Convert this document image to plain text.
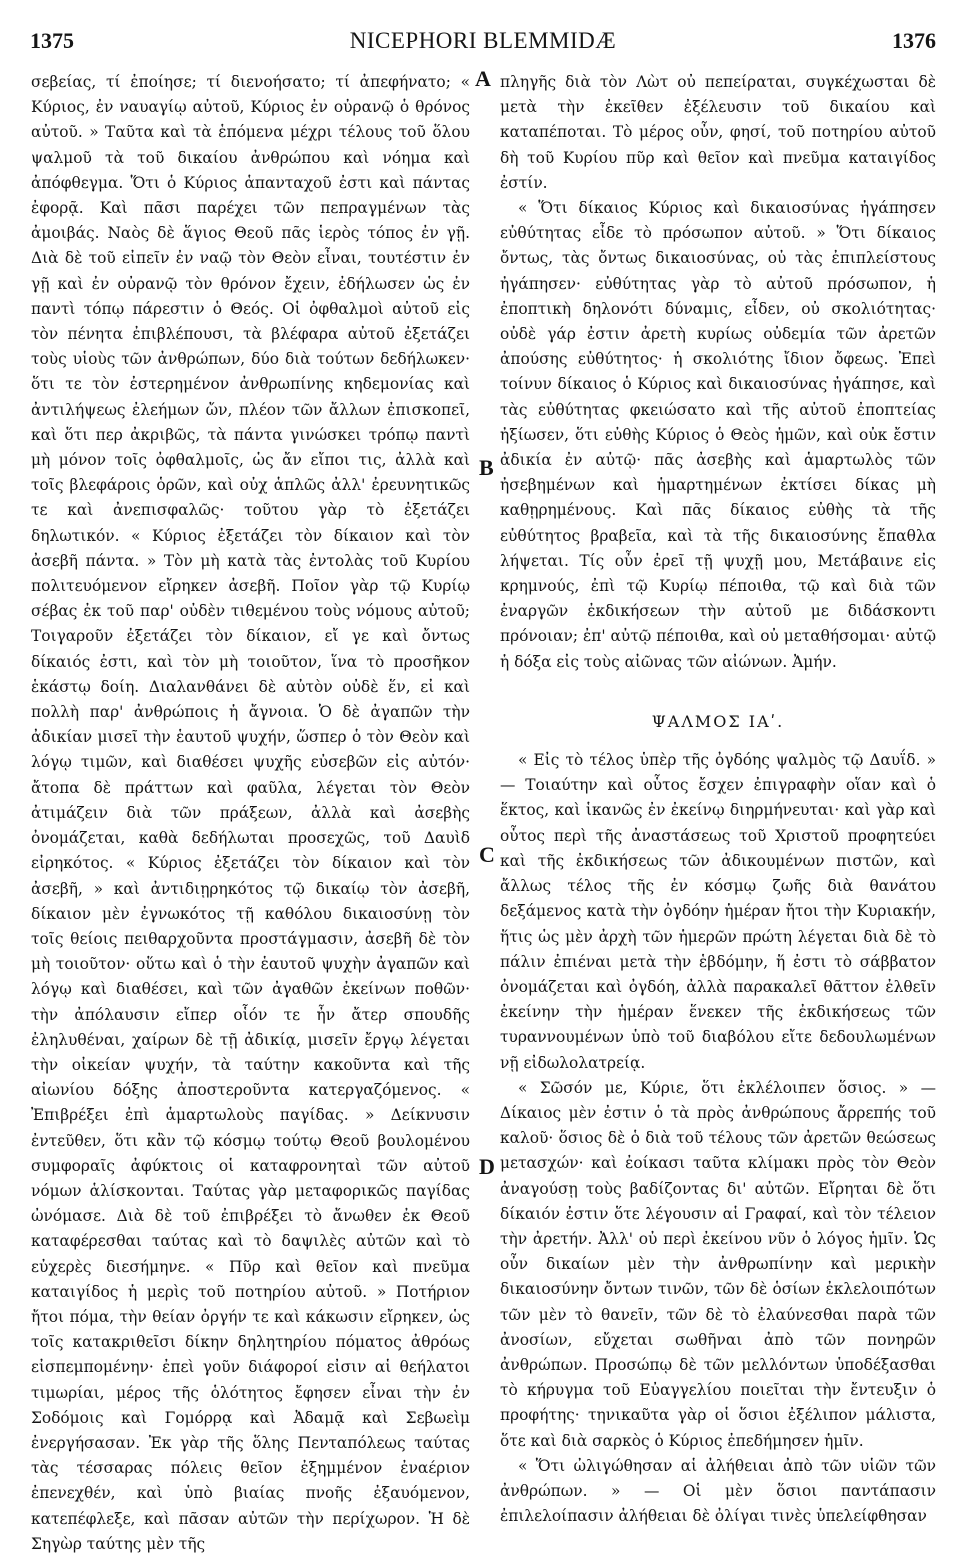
1375	NICEPHORI BLEMMIDÆ	1376
A
B
C
D

σεβείας, τί ἐποίησε; τί διενοήσατο; τί ἀπεφήνατο; « Κύριος, ἐν ναυαγίῳ αὐτοῦ, Κύριος ἐν οὐρανῷ ὁ θρόνος αὐτοῦ. » Ταῦτα καὶ τὰ ἑπόμενα μέχρι τέλους τοῦ ὅλου ψαλμοῦ τὰ τοῦ δικαίου ἀνθρώπου καὶ νόημα καὶ ἀπόφθεγμα. Ὅτι ὁ Κύριος ἁπανταχοῦ ἐστι καὶ πάντας ἐφορᾷ. Καὶ πᾶσι παρέχει τῶν πεπραγμένων τὰς ἀμοιβάς. Ναὸς δὲ ἅγιος Θεοῦ πᾶς ἱερὸς τόπος ἐν γῇ. Διὰ δὲ τοῦ εἰπεῖν ἐν ναῷ τὸν Θεὸν εἶναι, τουτέστιν ἐν γῇ καὶ ἐν οὐρανῷ τὸν θρόνον ἔχειν, ἐδήλωσεν ὡς ἐν παντὶ τόπῳ πάρεστιν ὁ Θεός. Οἱ ὀφθαλμοὶ αὐτοῦ εἰς τὸν πένητα ἐπιβλέπουσι, τὰ βλέφαρα αὐτοῦ ἐξετάζει τοὺς υἱοὺς τῶν ἀνθρώπων, δύο διὰ τούτων δεδήλωκεν· ὅτι τε τὸν ἐστερημένον ἀνθρωπίνης κηδεμονίας καὶ ἀντιλήψεως ἐλεήμων ὤν, πλέον τῶν ἄλλων ἐπισκοπεῖ, καὶ ὅτι περ ἀκριβῶς, τὰ πάντα γινώσκει τρόπῳ παντὶ μὴ μόνον τοῖς ὀφθαλμοῖς, ὡς ἄν εἴποι τις, ἀλλὰ καὶ τοῖς βλεφάροις ὁρῶν, καὶ οὐχ ἁπλῶς ἀλλ' ἐρευνητικῶς τε καὶ ἀνεπισφαλῶς· τοῦτου γὰρ τὸ ἐξετάζει δηλωτικόν. « Κύριος ἐξετάζει τὸν δίκαιον καὶ τὸν ἀσεβῆ πάντα. » Τὸν μὴ κατὰ τὰς ἐντολὰς τοῦ Κυρίου πολιτευόμενον εἴρηκεν ἀσεβῆ. Ποῖον γὰρ τῷ Κυρίῳ σέβας ἐκ τοῦ παρ' οὐδὲν τιθεμένου τοὺς νόμους αὐτοῦ; Τοιγαροῦν ἐξετάζει τὸν δίκαιον, εἴ γε καὶ ὄντως δίκαιός ἐστι, καὶ τὸν μὴ τοιοῦτον, ἵνα τὸ προσῆκον ἑκάστῳ δοίη. Διαλανθάνει δὲ αὐτὸν οὐδὲ ἕν, εἰ καὶ πολλὴ παρ' ἀνθρώποις ἡ ἄγνοια. Ὁ δὲ ἀγαπῶν τὴν ἀδικίαν μισεῖ τὴν ἑαυτοῦ ψυχήν, ὥσπερ ὁ τὸν Θεὸν καὶ λόγῳ τιμῶν, καὶ διαθέσει ψυχῆς εὐσεβῶν εἰς αὐτόν· ἄτοπα δὲ πράττων καὶ φαῦλα, λέγεται τὸν Θεὸν ἀτιμάζειν διὰ τῶν πράξεων, ἀλλὰ καὶ ἀσεβὴς ὀνομάζεται, καθὰ δεδήλωται προσεχῶς, τοῦ Δαυὶδ εἰρηκότος. « Κύριος ἐξετάζει τὸν δίκαιον καὶ τὸν ἀσεβῆ, » καὶ ἀντιδιῃρηκότος τῷ δικαίῳ τὸν ἀσεβῆ, δίκαιον μὲν ἐγνωκότος τῇ καθόλου δικαιοσύνῃ τὸν τοῖς θείοις πειθαρχοῦντα προστάγμασιν, ἀσεβῆ δὲ τὸν μὴ τοιοῦτον· οὕτω καὶ ὁ τὴν ἑαυτοῦ ψυχὴν ἀγαπῶν καὶ λόγῳ καὶ διαθέσει, καὶ τῶν ἀγαθῶν ἐκείνων ποθῶν· τὴν ἀπόλαυσιν εἴπερ οἷόν τε ἦν ἄτερ σπουδῆς ἐληλυθέναι, χαίρων δὲ τῇ ἀδικίᾳ, μισεῖν ἔργῳ λέγεται τὴν οἰκείαν ψυχήν, τὰ ταύτην κακοῦντα καὶ τῆς αἰωνίου δόξης ἀποστεροῦντα κατεργαζόμενος. « Ἐπιβρέξει ἐπὶ ἁμαρτωλοὺς παγίδας. » Δείκνυσιν ἐντεῦθεν, ὅτι κἂν τῷ κόσμῳ τούτῳ Θεοῦ βουλομένου συμφοραῖς ἀφύκτοις οἱ καταφρονηταὶ τῶν αὐτοῦ νόμων ἁλίσκονται. Ταύτας γὰρ μεταφορικῶς παγίδας ὠνόμασε. Διὰ δὲ τοῦ ἐπιβρέξει τὸ ἄνωθεν ἐκ Θεοῦ καταφέρεσθαι ταύτας καὶ τὸ δαψιλὲς αὐτῶν καὶ τὸ εὐχερὲς διεσήμηνε. « Πῦρ καὶ θεῖον καὶ πνεῦμα καταιγίδος ἡ μερὶς τοῦ ποτηρίου αὐτοῦ. » Ποτήριον ἤτοι πόμα, τὴν θείαν ὀργήν τε καὶ κάκωσιν εἴρηκεν, ὡς τοῖς κατακριθεῖσι δίκην δηλητηρίου πόματος ἀθρόως εἰσπεμπομένην· ἐπεὶ γοῦν διάφοροί εἰσιν αἱ θεήλατοι τιμωρίαι, μέρος τῆς ὁλότητος ἔφησεν εἶναι τὴν ἐν Σοδόμοις καὶ Γομόρρᾳ καὶ Ἀδαμᾷ καὶ Σεβωεὶμ ἐνεργήσασαν. Ἐκ γὰρ τῆς ὅλης Πενταπόλεως ταύτας τὰς τέσσαρας πόλεις θεῖον ἐξημμένον ἐναέριον ἐπενεχθέν, καὶ ὑπὸ βιαίας πνοῆς ἐξαυόμενον, κατεπέφλεξε, καὶ πᾶσαν αὐτῶν τὴν περίχωρον. Ἡ δὲ Σηγὼρ ταύτης μὲν τῆς

πληγῆς διὰ τὸν Λὼτ οὐ πεπείραται, συγκέχωσται δὲ μετὰ τὴν ἐκεῖθεν ἐξέλευσιν τοῦ δικαίου καὶ καταπέποται. Τὸ μέρος οὖν, φησί, τοῦ ποτηρίου αὐτοῦ δὴ τοῦ Κυρίου πῦρ καὶ θεῖον καὶ πνεῦμα καταιγίδος ἐστίν.

« Ὅτι δίκαιος Κύριος καὶ δικαιοσύνας ἠγάπησεν εὐθύτητας εἶδε τὸ πρόσωπον αὐτοῦ. » Ὅτι δίκαιος ὄντως, τὰς ὄντως δικαιοσύνας, οὐ τὰς ἐπιπλείστους ἠγάπησεν· εὐθύτητας γὰρ τὸ αὐτοῦ πρόσωπον, ἡ ἐποπτικὴ δηλονότι δύναμις, εἶδεν, οὐ σκολιότητας· οὐδὲ γάρ ἐστιν ἀρετὴ κυρίως οὐδεμία τῶν ἀρετῶν ἀπούσης εὐθύτητος· ἡ σκολιότης ἴδιον ὄφεως. Ἐπεὶ τοίνυν δίκαιος ὁ Κύριος καὶ δικαιοσύνας ἠγάπησε, καὶ τὰς εὐθύτητας φκειώσατο καὶ τῆς αὐτοῦ ἐποπτείας ἠξίωσεν, ὅτι εὐθὴς Κύριος ὁ Θεὸς ἡμῶν, καὶ οὐκ ἔστιν ἀδικία ἐν αὐτῷ· πᾶς ἀσεβὴς καὶ ἁμαρτωλὸς τῶν ἠσεβημένων καὶ ἡμαρτημένων ἐκτίσει δίκας μὴ καθῃρημένους. Καὶ πᾶς δίκαιος εὐθὴς τὰ τῆς εὐθύτητος βραβεῖα, καὶ τὰ τῆς δικαιοσύνης ἔπαθλα λήψεται. Τίς οὖν ἐρεῖ τῇ ψυχῇ μου, Μετάβαινε εἰς κρημνούς, ἐπὶ τῷ Κυρίῳ πέποιθα, τῷ καὶ διὰ τῶν ἐναργῶν ἐκδικήσεων τὴν αὐτοῦ με διδάσκοντι πρόνοιαν; ἐπ' αὐτῷ πέποιθα, καὶ οὐ μεταθήσομαι· αὐτῷ ἡ δόξα εἰς τοὺς αἰῶνας τῶν αἰώνων. Ἀμήν.

ΨΑΛΜΟΣ ΙΑʹ.

« Εἰς τὸ τέλος ὑπὲρ τῆς ὀγδόης ψαλμὸς τῷ Δαυΐδ. » — Τοιαύτην καὶ οὗτος ἔσχεν ἐπιγραφὴν οἵαν καὶ ὁ ἕκτος, καὶ ἱκανῶς ἐν ἐκείνῳ διηρμήνευται· καὶ γὰρ καὶ οὗτος περὶ τῆς ἀναστάσεως τοῦ Χριστοῦ προφητεύει καὶ τῆς ἐκδικήσεως τῶν ἀδικουμένων πιστῶν, καὶ ἄλλως τέλος τῆς ἐν κόσμῳ ζωῆς διὰ θανάτου δεξάμενος κατὰ τὴν ὀγδόην ἡμέραν ἤτοι τὴν Κυριακήν, ἥτις ὡς μὲν ἀρχὴ τῶν ἡμερῶν πρώτη λέγεται διὰ δὲ τὸ πάλιν ἐπιέναι μετὰ τὴν ἑβδόμην, ἥ ἐστι τὸ σάββατον ὀνομάζεται καὶ ὀγδόη, ἀλλὰ παρακαλεῖ θᾶττον ἐλθεῖν ἐκείνην τὴν ἡμέραν ἕνεκεν τῆς ἐκδικήσεως τῶν τυραννουμένων ὑπὸ τοῦ διαβόλου εἴτε δεδουλωμένων νῇ εἰδωλολατρείᾳ.

« Σῶσόν με, Κύριε, ὅτι ἐκλέλοιπεν ὅσιος. » — Δίκαιος μὲν ἐστιν ὁ τὰ πρὸς ἀνθρώπους ἄρρεπής τοῦ καλοῦ· ὅσιος δὲ ὁ διὰ τοῦ τέλους τῶν ἀρετῶν θεώσεως μετασχών· καὶ ἐοίκασι ταῦτα κλίμακι πρὸς τὸν Θεὸν ἀναγούσῃ τοὺς βαδίζοντας δι' αὐτῶν. Εἴρηται δὲ ὅτι δίκαιόν ἐστιν ὅτε λέγουσιν αἱ Γραφαί, καὶ τὸν τέλειον τὴν ἀρετήν. Ἀλλ' οὐ περὶ ἐκείνου νῦν ὁ λόγος ἡμῖν. Ὡς οὖν δικαίων μὲν τὴν ἀνθρωπίνην καὶ μερικὴν δικαιοσύνην ὄντων τινῶν, τῶν δὲ ὁσίων ἐκλελοιπότων τῶν μὲν τὸ θανεῖν, τῶν δὲ τὸ ἐλαύνεσθαι παρὰ τῶν ἀνοσίων, εὔχεται σωθῆναι ἀπὸ τῶν πονηρῶν ἀνθρώπων. Προσώπῳ δὲ τῶν μελλόντων ὑποδέξασθαι τὸ κήρυγμα τοῦ Εὐαγγελίου ποιεῖται τὴν ἔντευξιν ὁ προφήτης· τηνικαῦτα γὰρ οἱ ὅσιοι ἐξέλιπον μάλιστα, ὅτε καὶ διὰ σαρκὸς ὁ Κύριος ἐπεδήμησεν ἡμῖν.

« Ὅτι ὠλιγώθησαν αἱ ἀλήθειαι ἀπὸ τῶν υἱῶν τῶν ἀνθρώπων. » — Οἱ μὲν ὅσιοι παντάπασιν ἐπιλελοίπασιν ἀλήθειαι δὲ ὀλίγαι τινὲς ὑπελείφθησαν
